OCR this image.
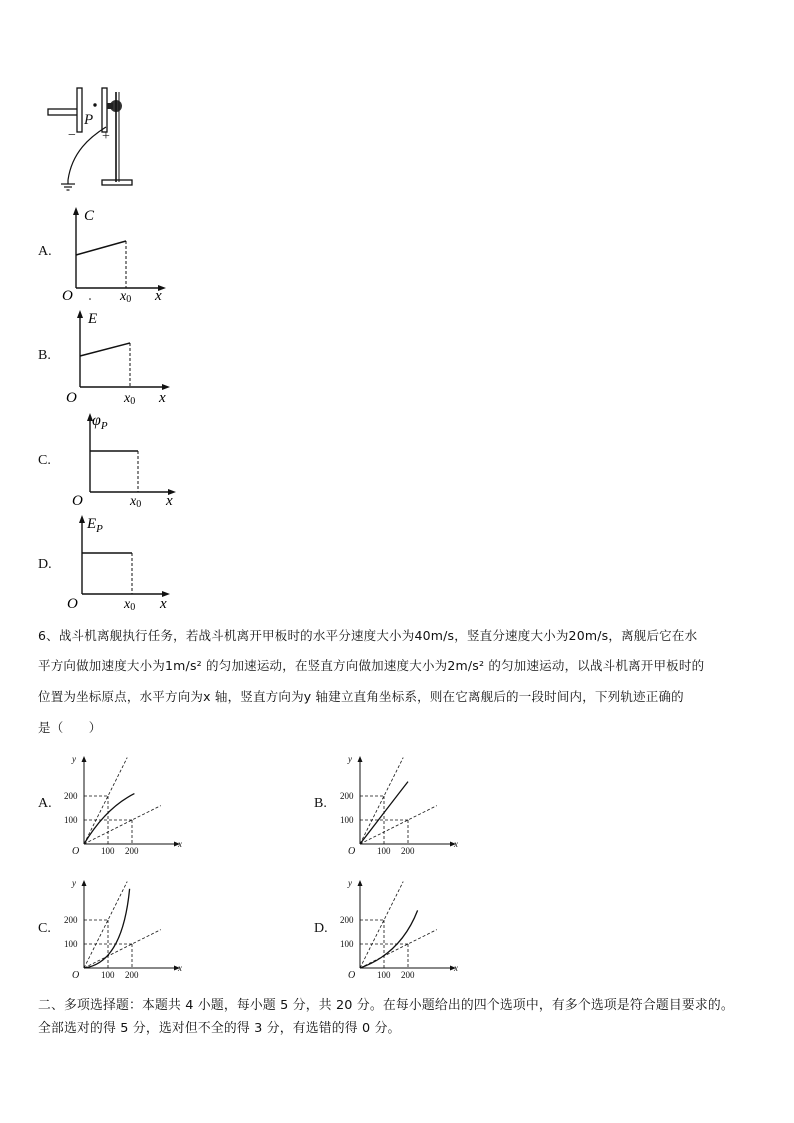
P
− +
A.
C
O	x0 x
B.
E
O	x0 x
C.
$\varphi_P$
O	x0 x
D.
$E_P$
O	x0 x
6、战斗机离舰执行任务，若战斗机离开甲板时的水平分速度大小为40m/s，竖直分速度大小为20m/s，离舰后它在水
平方向做加速度大小为1m/s² 的匀加速运动，在竖直方向做加速度大小为2m/s² 的匀加速运动，以战斗机离开甲板时的
位置为坐标原点，水平方向为x 轴，竖直方向为y 轴建立直角坐标系，则在它离舰后的一段时间内，下列轨迹正确的
是（　　）
A.	B.
C.	D.
y
x
O
200
100
100 200
y
x
O
200
100
100 200
y
x
O
200
100
100 200
y
x
O
200
100
100 200
二、多项选择题：本题共 4 小题，每小题 5 分，共 20 分。在每小题给出的四个选项中，有多个选项是符合题目要求的。
全部选对的得 5 分，选对但不全的得 3 分，有选错的得 0 分。
